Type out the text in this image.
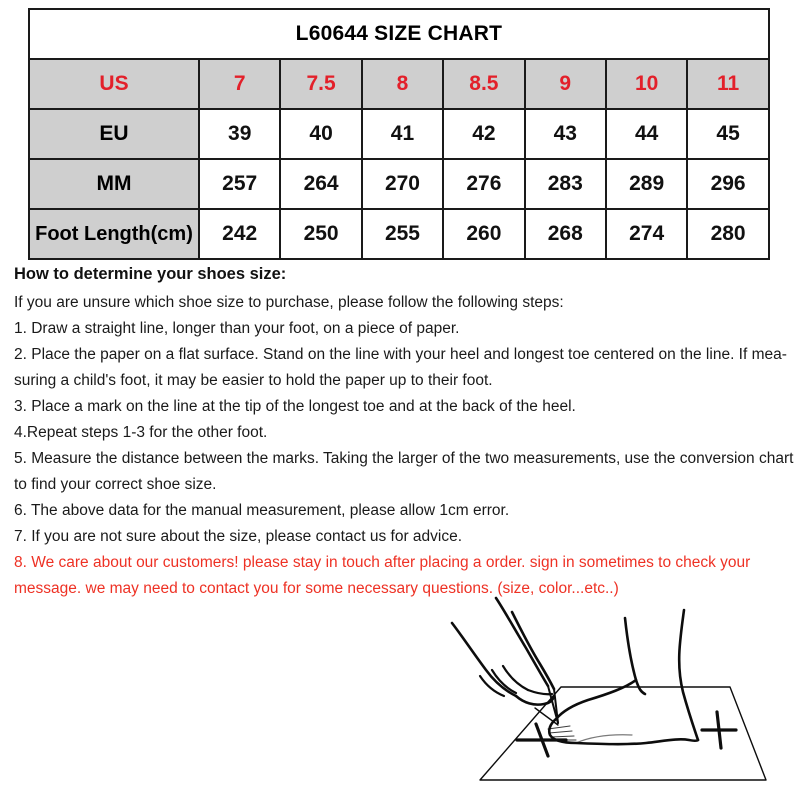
L60644 SIZE CHART							
US	7	7.5	8	8.5	9	10	11
EU	39	40	41	42	43	44	45
MM	257	264	270	276	283	289	296
Foot Length(cm)	242	250	255	260	268	274	280
How to determine your shoes size:
If you are unsure which shoe size to purchase, please follow the following steps:
1. Draw a straight line, longer than your foot, on a piece of paper.
2. Place the paper on a flat surface. Stand on the line with your heel and longest toe centered on the line. If mea-
suring a child's foot, it may be easier to hold the paper up to their foot.
3. Place a mark on the line at the tip of the longest toe and at the back of the heel.
4.Repeat steps 1-3 for the other foot.
5. Measure the distance between the marks. Taking the larger of the two measurements, use the conversion chart
to find your correct shoe size.
6. The above data for the manual measurement, please allow 1cm error.
7. If you are not sure about the size, please contact us for advice.
8. We care about our customers! please stay in touch after placing a order. sign in sometimes to check your message. we may need to contact you for some necessary questions. (size, color...etc..)
